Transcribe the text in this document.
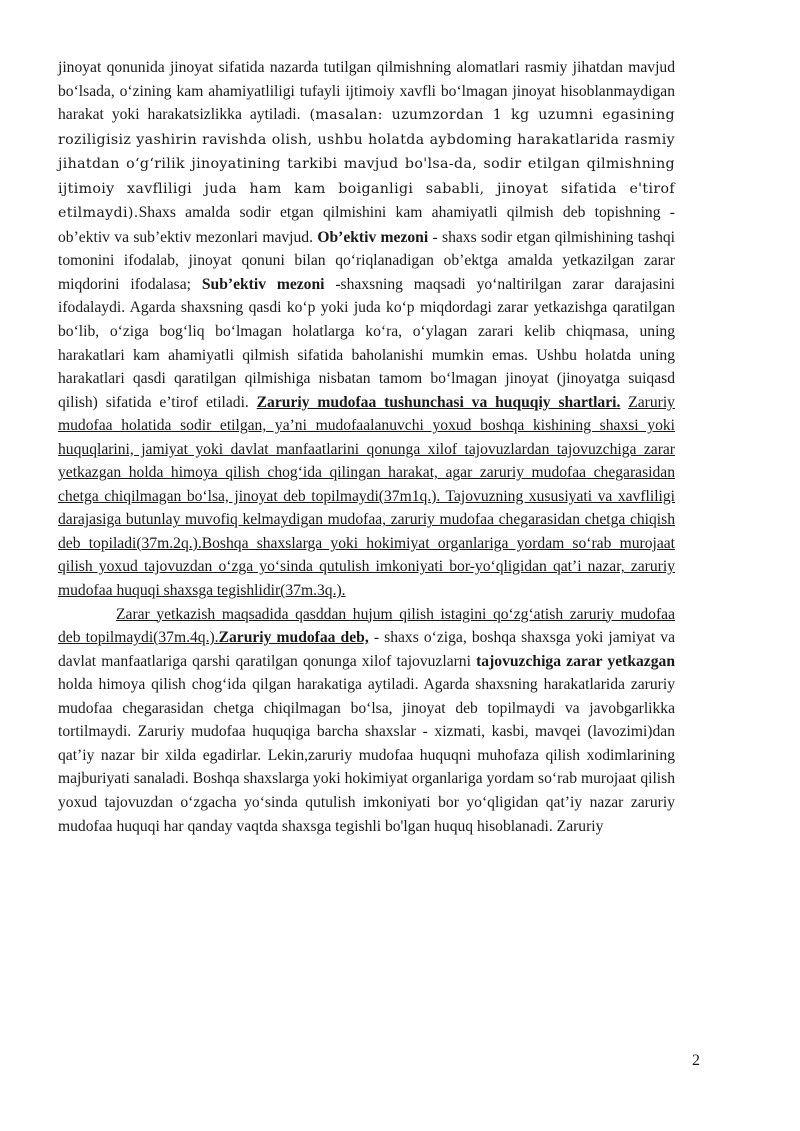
jinoyat qonunida jinoyat sifatida nazarda tutilgan qilmishning alomatlari rasmiy jihatdan mavjud boʻlsada, oʻzining kam ahamiyatliligi tufayli ijtimoiy xavfli boʻlmagan jinoyat hisoblanmaydigan harakat yoki harakatsizlikka aytiladi. (masalan: uzumzordan 1 kg uzumni egasining roziligisiz yashirin ravishda olish, ushbu holatda aybdoming harakatlarida rasmiy jihatdan oʻgʻrilik jinoyatining tarkibi mavjud bo'lsa-da, sodir etilgan qilmishning ijtimoiy xavfliligi juda ham kam boiganligi sababli, jinoyat sifatida e'tirof etilmaydi).Shaxs amalda sodir etgan qilmishini kam ahamiyatli qilmish deb topishning - ob’ektiv va sub’ektiv mezonlari mavjud. Ob’ektiv mezoni - shaxs sodir etgan qilmishining tashqi tomonini ifodalab, jinoyat qonuni bilan qoʻriqlanadigan ob’ektga amalda yetkazilgan zarar miqdorini ifodalasa; Sub’ektiv mezoni -shaxsning maqsadi yoʻnaltirilgan zarar darajasini ifodalaydi. Agarda shaxsning qasdi koʻp yoki juda koʻp miqdordagi zarar yetkazishga qaratilgan boʻlib, oʻziga bogʻliq boʻlmagan holatlarga koʻra, oʻylagan zarari kelib chiqmasa, uning harakatlari kam ahamiyatli qilmish sifatida baholanishi mumkin emas. Ushbu holatda uning harakatlari qasdi qaratilgan qilmishiga nisbatan tamom boʻlmagan jinoyat (jinoyatga suiqasd qilish) sifatida e’tirof etiladi. Zaruriy mudofaa tushunchasi va huquqiy shartlari. Zaruriy mudofaa holatida sodir etilgan, ya’ni mudofaalanuvchi yoxud boshqa kishining shaxsi yoki huquqlarini, jamiyat yoki davlat manfaatlarini qonunga xilof tajovuzlardan tajovuzchiga zarar yetkazgan holda himoya qilish chogʻida qilingan harakat, agar zaruriy mudofaa chegarasidan chetga chiqilmagan boʻlsa, jinoyat deb topilmaydi(37m1q.). Tajovuzning xususiyati va xavfliligi darajasiga butunlay muvofiq kelmaydigan mudofaa, zaruriy mudofaa chegarasidan chetga chiqish deb topiladi(37m.2q.).Boshqa shaxslarga yoki hokimiyat organlariga yordam soʻrab murojaat qilish yoxud tajovuzdan oʻzga yoʻsinda qutulish imkoniyati bor-yoʻqligidan qat’i nazar, zaruriy mudofaa huquqi shaxsga tegishlidir(37m.3q.).

Zarar yetkazish maqsadida qasddan hujum qilish istagini qoʻzgʻatish zaruriy mudofaa deb topilmaydi(37m.4q.).Zaruriy mudofaa deb, - shaxs oʻziga, boshqa shaxsga yoki jamiyat va davlat manfaatlariga qarshi qaratilgan qonunga xilof tajovuzlarni tajovuzchiga zarar yetkazgan holda himoya qilish chogʻida qilgan harakatiga aytiladi. Agarda shaxsning harakatlarida zaruriy mudofaa chegarasidan chetga chiqilmagan boʻlsa, jinoyat deb topilmaydi va javobgarlikka tortilmaydi. Zaruriy mudofaa huquqiga barcha shaxslar - xizmati, kasbi, mavqei (lavozimi)dan qat’iy nazar bir xilda egadirlar. Lekin,zaruriy mudofaa huquqni muhofaza qilish xodimlarining majburiyati sanaladi. Boshqa shaxslarga yoki hokimiyat organlariga yordam soʻrab murojaat qilish yoxud tajovuzdan oʻzgacha yoʻsinda qutulish imkoniyati bor yoʻqligidan qat’iy nazar zaruriy mudofaa huquqi har qanday vaqtda shaxsga tegishli bo'lgan huquq hisoblanadi. Zaruriy

2
